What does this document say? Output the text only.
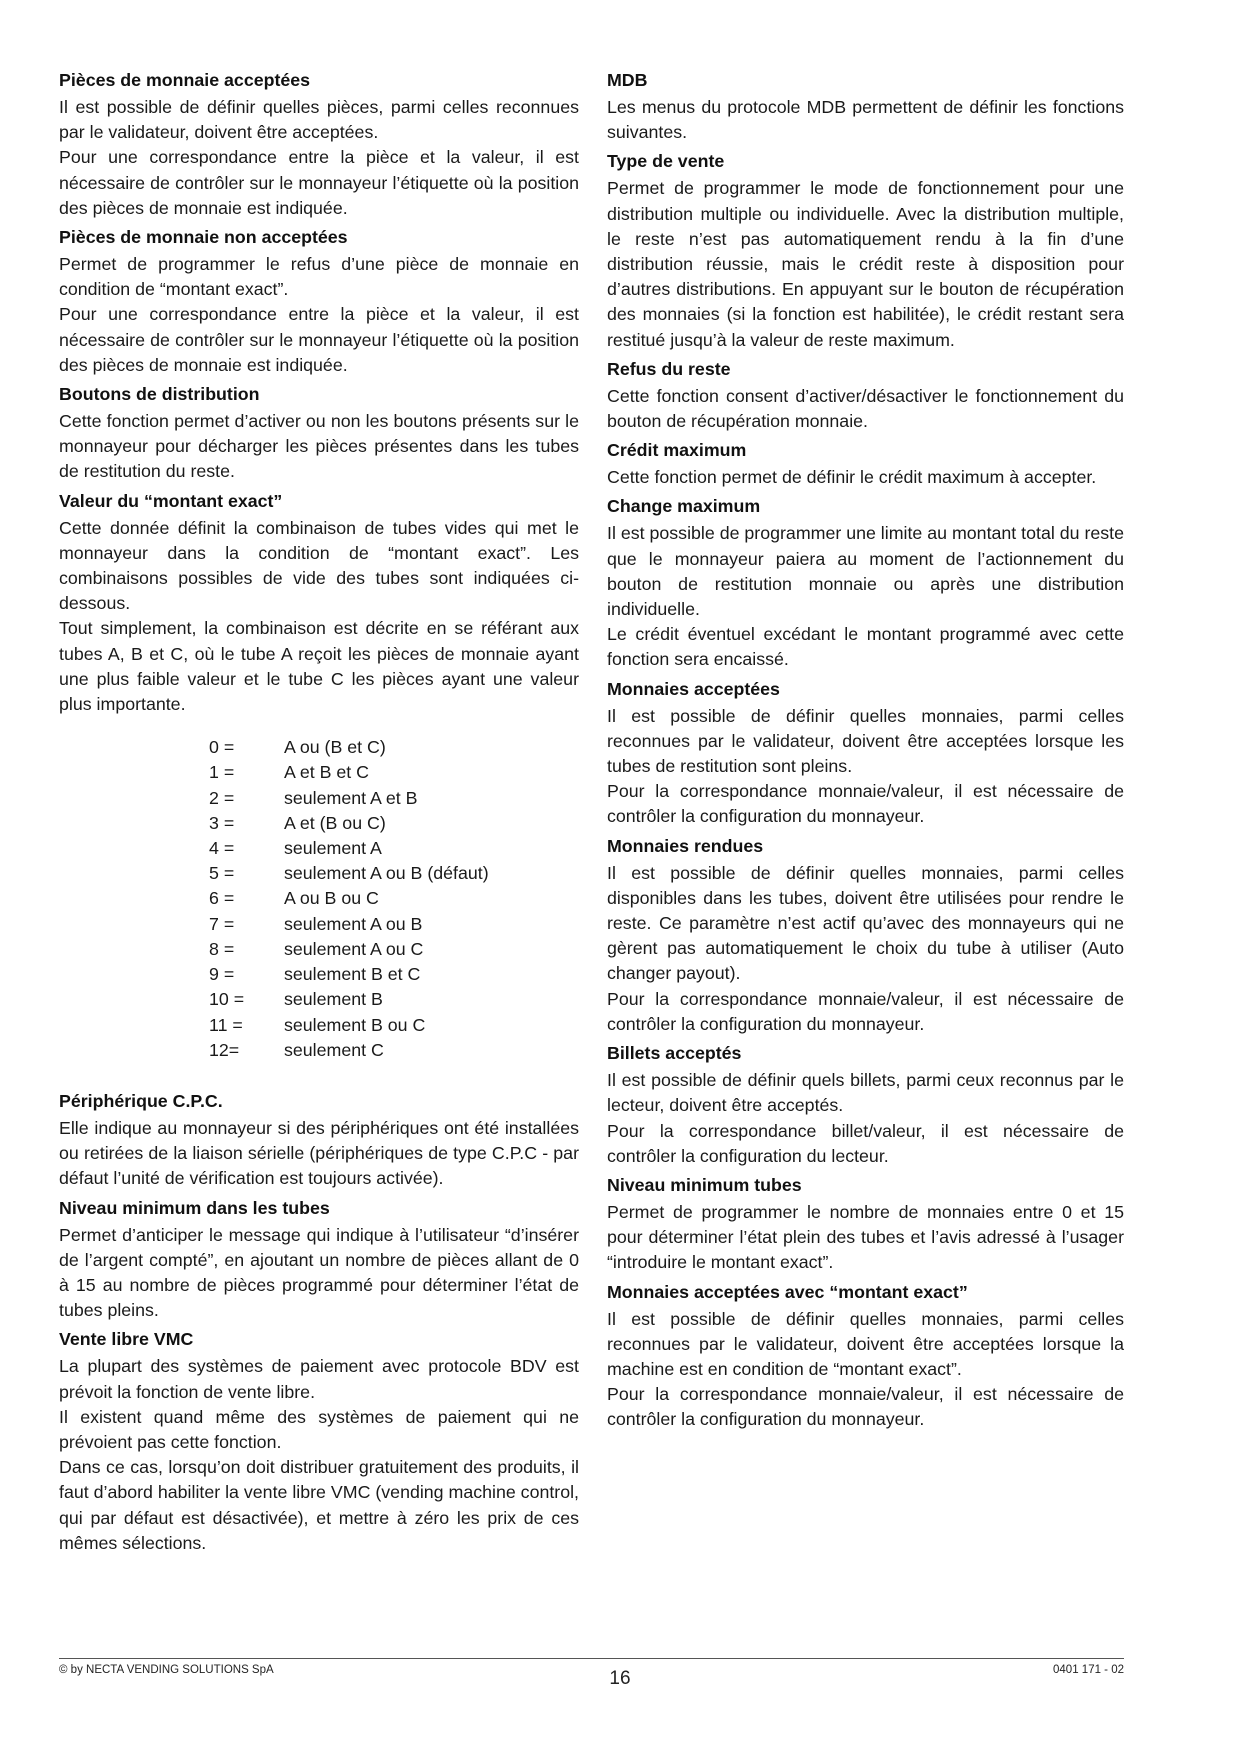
Pièces de monnaie acceptées

Il est possible de définir quelles pièces, parmi celles reconnues par le validateur, doivent être acceptées.

Pour une correspondance entre la pièce et la valeur, il est nécessaire de contrôler sur le monnayeur l’étiquette où la position des pièces de monnaie est indiquée.

Pièces de monnaie non acceptées

Permet de programmer le refus d’une pièce de monnaie en condition de “montant exact”.

Pour une correspondance entre la pièce et la valeur, il est nécessaire de contrôler sur le monnayeur l’étiquette où la position des pièces de monnaie est indiquée.

Boutons de distribution

Cette fonction permet d’activer ou non les boutons présents sur le monnayeur pour décharger les pièces présentes dans les tubes de restitution du reste.

Valeur du “montant exact”

Cette donnée définit la combinaison de tubes vides qui met le monnayeur dans la condition de “montant exact”. Les combinaisons possibles de vide des tubes sont indiquées ci-dessous.

Tout simplement, la combinaison est décrite en se référant aux tubes A, B et C, où le tube A reçoit les pièces de monnaie ayant une plus faible valeur et le tube C les pièces ayant une valeur plus importante.

0 =	A ou (B et C)
1 =	A et B et C
2 =	seulement A et B
3 =	A et (B ou C)
4 =	seulement A
5 =	seulement A ou B (défaut)
6 =	A ou B ou C
7 =	seulement A ou B
8 =	seulement A ou C
9 =	seulement B et C
10 =	seulement B
11 =	seulement B ou C
12=	seulement C
Périphérique C.P.C.

Elle indique au monnayeur si des périphériques ont été installées ou retirées de la liaison sérielle (périphériques de type C.P.C - par défaut l’unité de vérification est toujours activée).

Niveau minimum dans les tubes

Permet d’anticiper le message qui indique à l’utilisateur “d’insérer de l’argent compté”, en ajoutant un nombre de pièces allant de 0 à 15 au nombre de pièces programmé pour déterminer l’état de tubes pleins.

Vente libre VMC

La plupart des systèmes de paiement avec protocole BDV est prévoit la fonction de vente libre.

Il existent quand même des systèmes de paiement qui ne prévoient pas cette fonction.

Dans ce cas, lorsqu’on doit distribuer gratuitement des produits, il faut d’abord habiliter la vente libre VMC (vending machine control, qui par défaut est désactivée), et mettre à zéro les prix de ces mêmes sélections.

MDB

Les menus du protocole MDB permettent de définir les fonctions suivantes.

Type de vente

Permet de programmer le mode de fonctionnement pour une distribution multiple ou individuelle. Avec la distribution multiple, le reste n’est pas automatiquement rendu à la fin d’une distribution réussie, mais le crédit reste à disposition pour d’autres distributions. En appuyant sur le bouton de récupération des monnaies (si la fonction est habilitée), le crédit restant sera restitué jusqu’à la valeur de reste maximum.

Refus du reste

Cette fonction consent d’activer/désactiver le fonctionnement du bouton de récupération monnaie.

Crédit maximum

Cette fonction permet de définir le crédit maximum à accepter.

Change maximum

Il est possible de programmer une limite au montant total du reste que le monnayeur paiera au moment de l’actionnement du bouton de restitution monnaie ou après une distribution individuelle.

Le crédit éventuel excédant le montant programmé avec cette fonction sera encaissé.

Monnaies acceptées

Il est possible de définir quelles monnaies, parmi celles reconnues par le validateur, doivent être acceptées lorsque les tubes de restitution sont pleins.

Pour la correspondance monnaie/valeur, il est nécessaire de contrôler la configuration du monnayeur.

Monnaies rendues

Il est possible de définir quelles monnaies, parmi celles disponibles dans les tubes, doivent être utilisées pour rendre le reste. Ce paramètre n’est actif qu’avec des monnayeurs qui ne gèrent pas automatiquement le choix du tube à utiliser (Auto changer payout).

Pour la correspondance monnaie/valeur, il est nécessaire de contrôler la configuration du monnayeur.

Billets acceptés

Il est possible de définir quels billets, parmi ceux reconnus par le lecteur, doivent être acceptés.

Pour la correspondance billet/valeur, il est nécessaire de contrôler la configuration du lecteur.

Niveau minimum tubes

Permet de programmer le nombre de monnaies entre 0 et 15 pour déterminer l’état plein des tubes et l’avis adressé à l’usager “introduire le montant exact”.

Monnaies acceptées avec “montant exact”

Il est possible de définir quelles monnaies, parmi celles reconnues par le validateur, doivent être acceptées lorsque la machine est en condition de “montant exact”.

Pour la correspondance monnaie/valeur, il est nécessaire de contrôler la configuration du monnayeur.

© by NECTA VENDING SOLUTIONS SpA	16	0401 171 - 02
